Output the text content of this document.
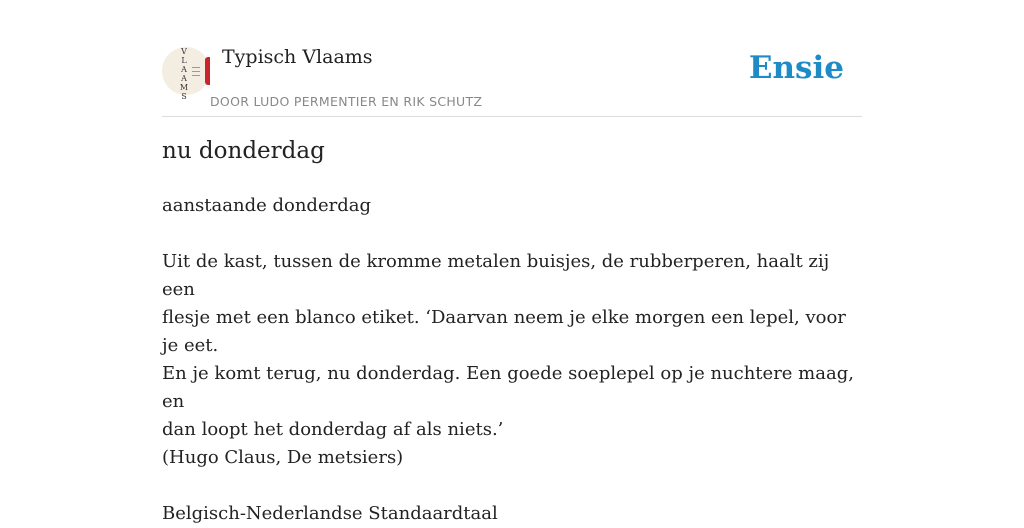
V
L
A
A
M
S
Typisch Vlaams
DOOR LUDO PERMENTIER EN RIK SCHUTZ
Ensie
nu donderdag

aanstaande donderdag

Uit de kast, tussen de kromme metalen buisjes, de rubberperen, haalt zij een

flesje met een blanco etiket. ‘Daarvan neem je elke morgen een lepel, voor je eet.

En je komt terug, nu donderdag. Een goede soeplepel op je nuchtere maag, en

dan loopt het donderdag af als niets.’

(Hugo Claus, De metsiers)

Belgisch-Nederlandse Standaardtaal
